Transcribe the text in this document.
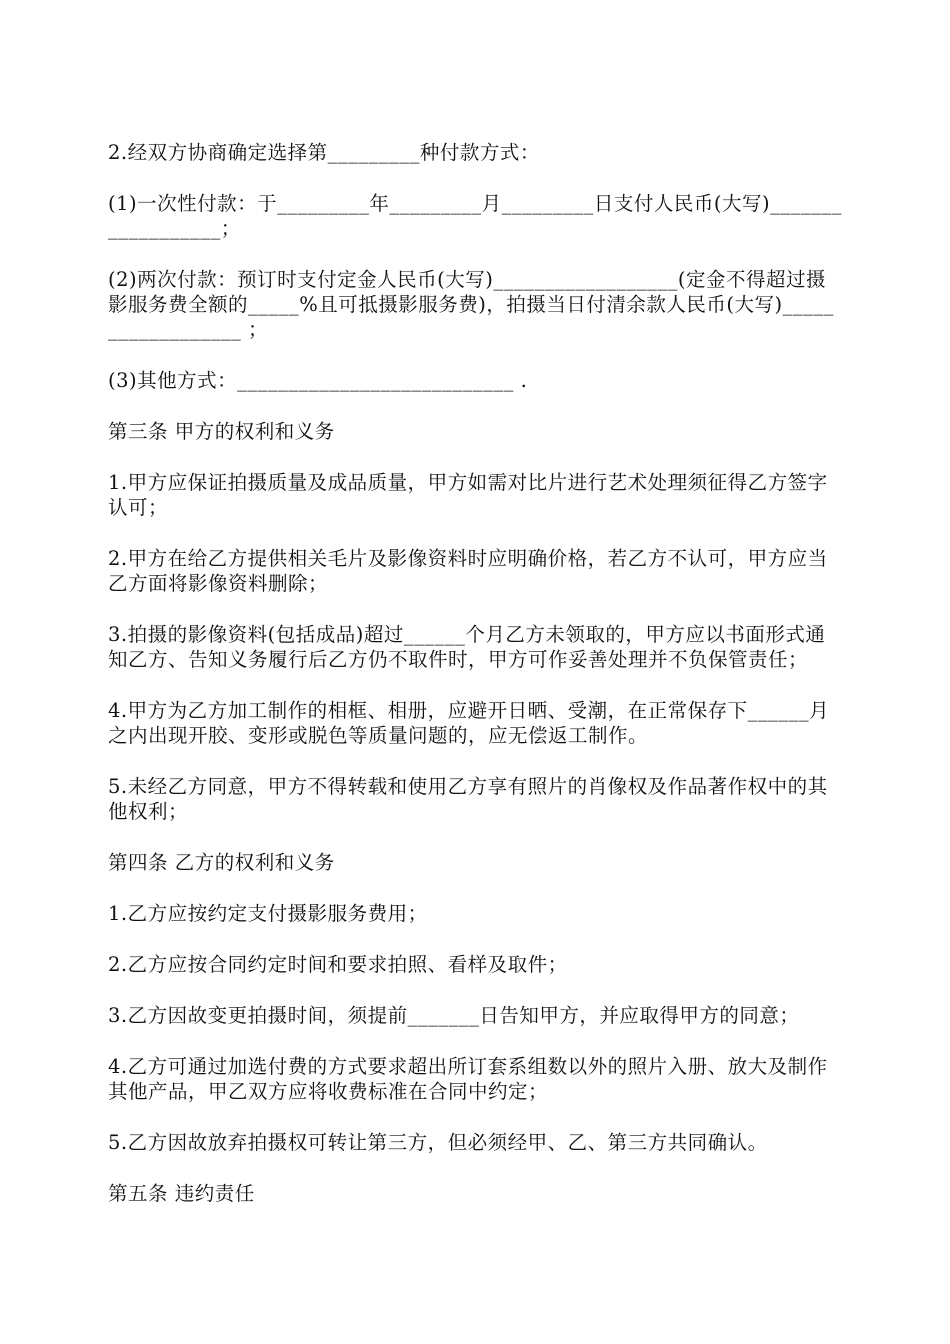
2.经双方协商确定选择第_________种付款方式：

(1)一次性付款：于_________年_________月_________日支付人民币(大写)__________________；

(2)两次付款：预订时支付定金人民币(大写)__________________(定金不得超过摄影服务费全额的_____%且可抵摄影服务费)，拍摄当日付清余款人民币(大写)__________________ ；

(3)其他方式：___________________________ .

第三条 甲方的权利和义务

1.甲方应保证拍摄质量及成品质量，甲方如需对比片进行艺术处理须征得乙方签字认可；

2.甲方在给乙方提供相关毛片及影像资料时应明确价格，若乙方不认可，甲方应当乙方面将影像资料删除；

3.拍摄的影像资料(包括成品)超过______个月乙方未领取的，甲方应以书面形式通知乙方、告知义务履行后乙方仍不取件时，甲方可作妥善处理并不负保管责任；

4.甲方为乙方加工制作的相框、相册，应避开日晒、受潮，在正常保存下______月之内出现开胶、变形或脱色等质量问题的，应无偿返工制作。

5.未经乙方同意，甲方不得转载和使用乙方享有照片的肖像权及作品著作权中的其他权利；

第四条 乙方的权利和义务

1.乙方应按约定支付摄影服务费用；

2.乙方应按合同约定时间和要求拍照、看样及取件；

3.乙方因故变更拍摄时间，须提前_______日告知甲方，并应取得甲方的同意；

4.乙方可通过加选付费的方式要求超出所订套系组数以外的照片入册、放大及制作其他产品，甲乙双方应将收费标准在合同中约定；

5.乙方因故放弃拍摄权可转让第三方，但必须经甲、乙、第三方共同确认。

第五条 违约责任
